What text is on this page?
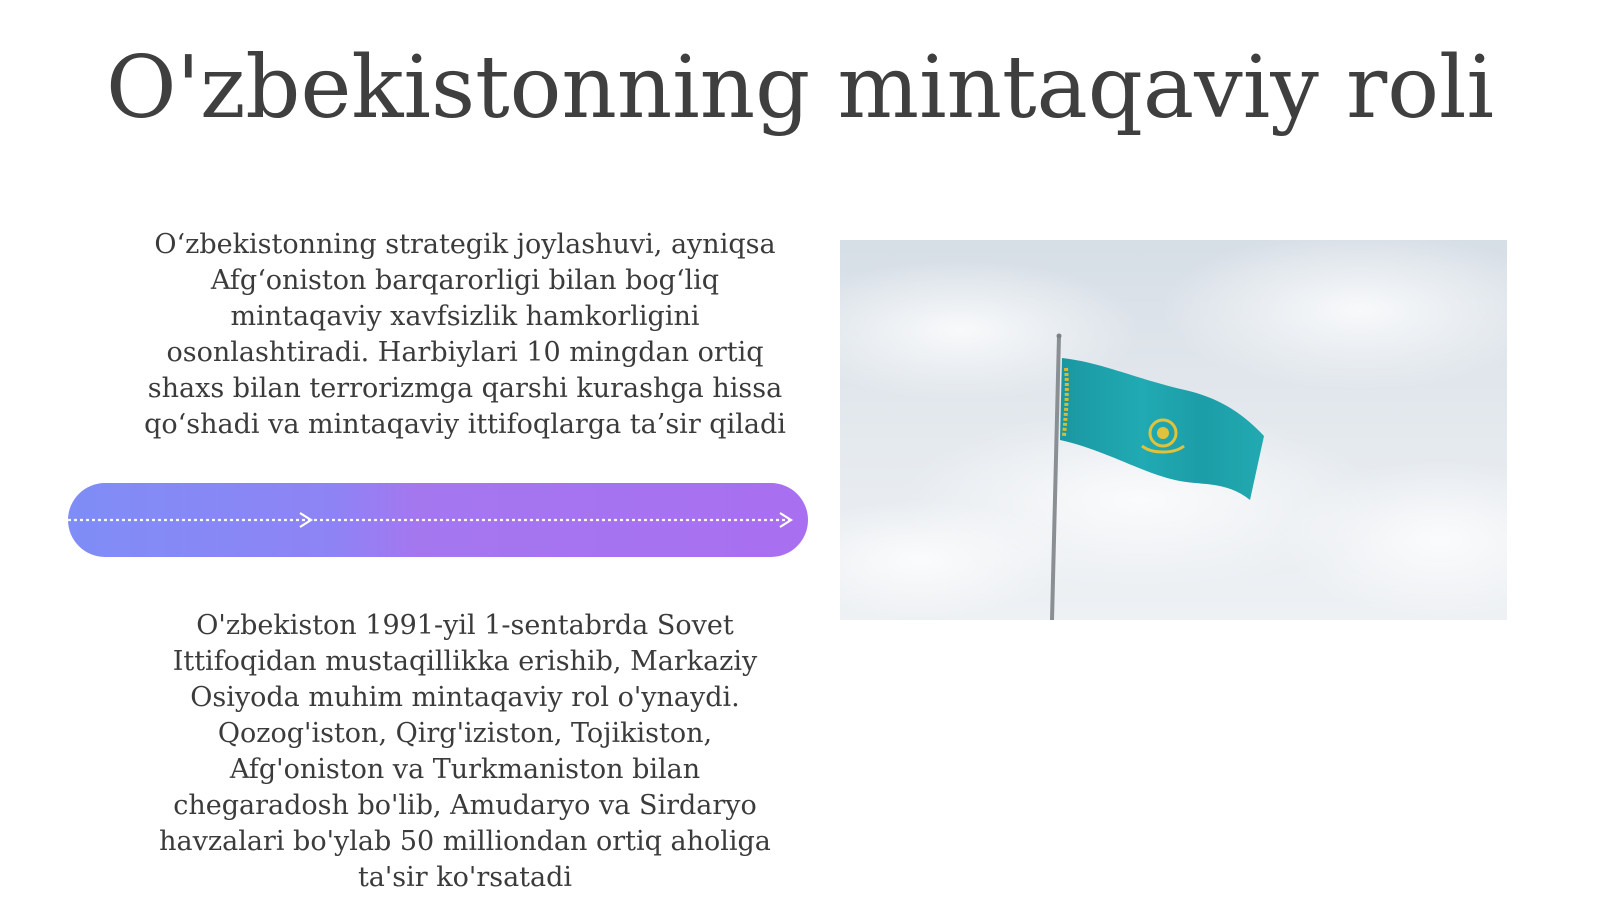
O'zbekistonning mintaqaviy roli
O‘zbekistonning strategik joylashuvi, ayniqsa Afg‘oniston barqarorligi bilan bog‘liq mintaqaviy xavfsizlik hamkorligini osonlashtiradi. Harbiylari 10 mingdan ortiq shaxs bilan terrorizmga qarshi kurashga hissa qo‘shadi va mintaqaviy ittifoqlarga ta’sir qiladi
O'zbekiston 1991-yil 1-sentabrda Sovet Ittifoqidan mustaqillikka erishib, Markaziy Osiyoda muhim mintaqaviy rol o'ynaydi. Qozog'iston, Qirg'iziston, Tojikiston, Afg'oniston va Turkmaniston bilan chegaradosh bo'lib, Amudaryo va Sirdaryo havzalari bo'ylab 50 milliondan ortiq aholiga ta'sir ko'rsatadi
